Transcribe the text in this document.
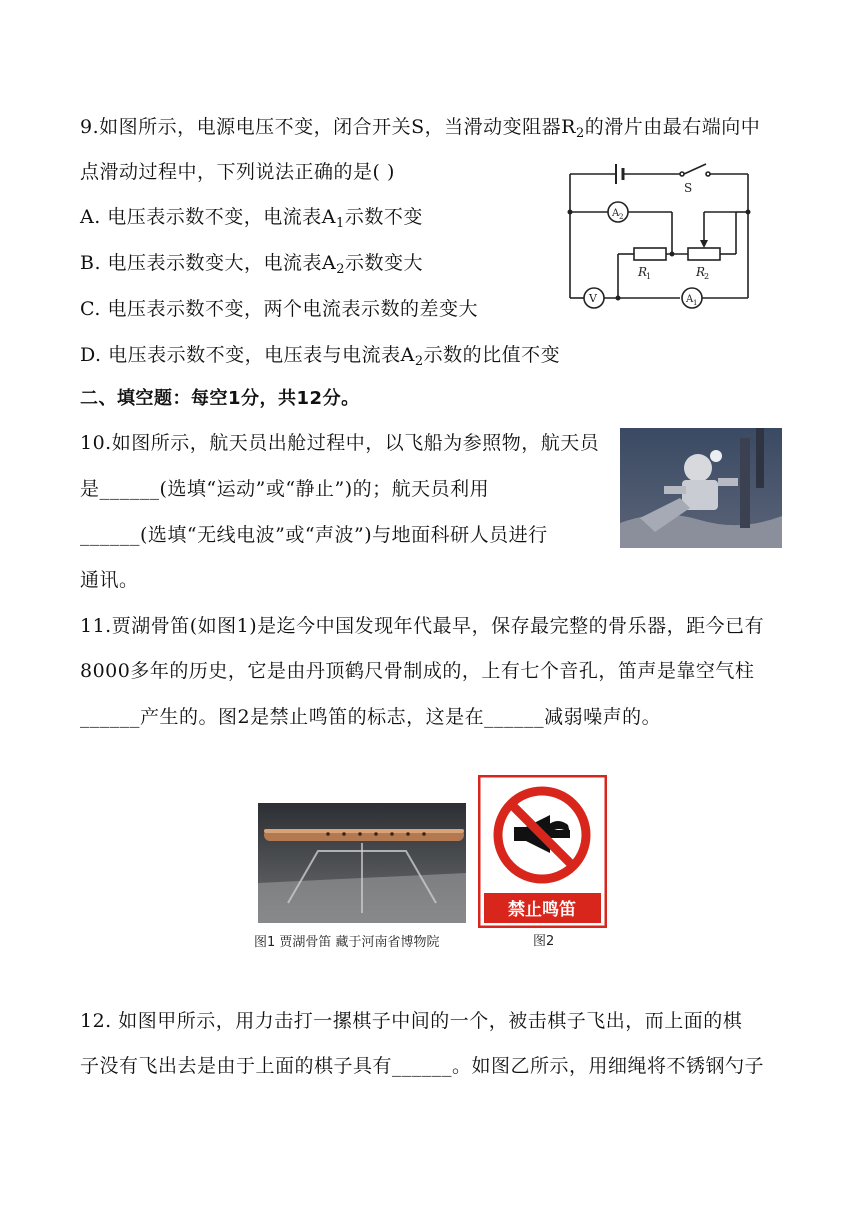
9.如图所示，电源电压不变，闭合开关S，当滑动变阻器$R_2$的滑片由最右端向中
点滑动过程中，下列说法正确的是( )
A. 电压表示数不变，电流表$A_1$示数不变
B. 电压表示数变大，电流表$A_2$示数变大
C. 电压表示数不变，两个电流表示数的差变大
D. 电压表示数不变，电压表与电流表$A_2$示数的比值不变
S
A 2
A 1
V
R
1	R
2
二、填空题：每空1分，共12分。
10.如图所示，航天员出舱过程中，以飞船为参照物，航天员
是______(选填“运动”或“静止”)的；航天员利用
______(选填“无线电波”或“声波”)与地面科研人员进行
通讯。
11.贾湖骨笛(如图1)是迄今中国发现年代最早，保存最完整的骨乐器，距今已有
8000多年的历史，它是由丹顶鹤尺骨制成的，上有七个音孔，笛声是靠空气柱
______产生的。图2是禁止鸣笛的标志，这是在______减弱噪声的。
图1 贾湖骨笛 藏于河南省博物院
禁止鸣笛
图2
12. 如图甲所示，用力击打一摞棋子中间的一个，被击棋子飞出，而上面的棋
子没有飞出去是由于上面的棋子具有______。如图乙所示，用细绳将不锈钢勺子
